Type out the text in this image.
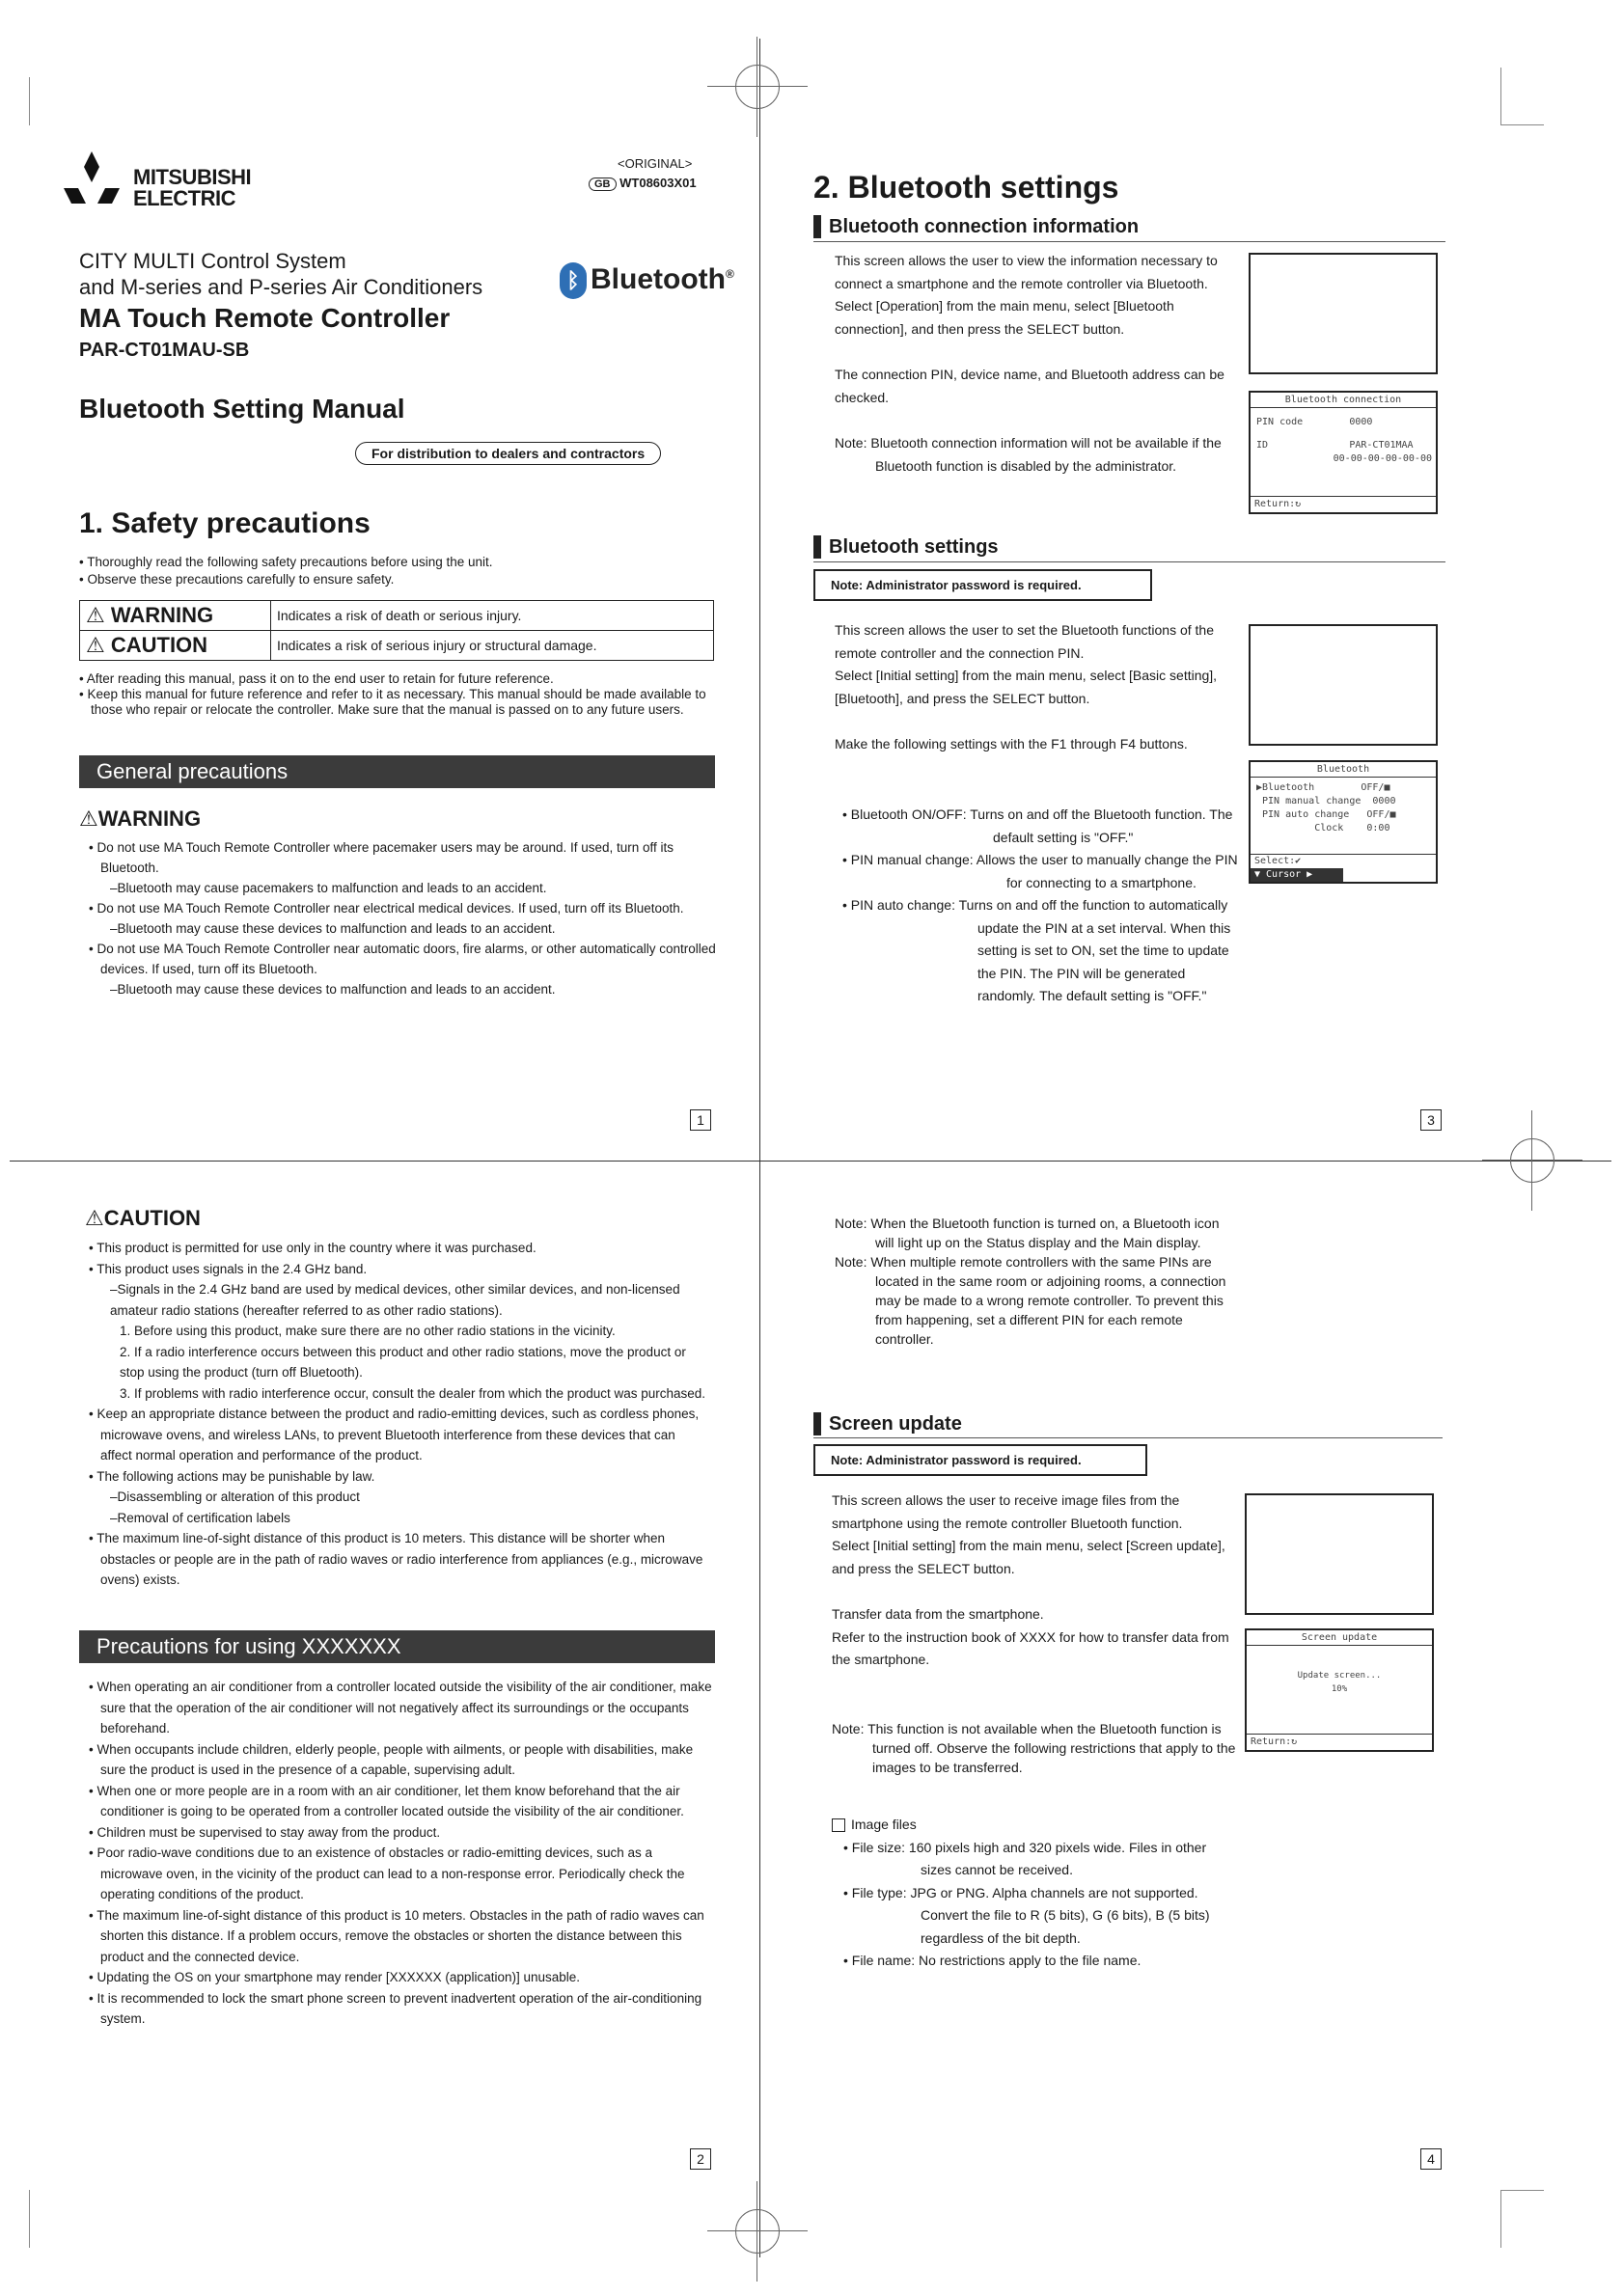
MITSUBISHI
ELECTRIC
<ORIGINAL>
GB WT08603X01
CITY MULTI Control System
and M-series and P-series Air Conditioners
MA Touch Remote Controller
PAR-CT01MAU-SB
ᛒ Bluetooth®
Bluetooth Setting Manual
For distribution to dealers and contractors
1. Safety precautions

• Thoroughly read the following safety precautions before using the unit.

• Observe these precautions carefully to ensure safety.

⚠ WARNING	Indicates a risk of death or serious injury.
⚠ CAUTION	Indicates a risk of serious injury or structural damage.

• After reading this manual, pass it on to the end user to retain for future reference.

• Keep this manual for future reference and refer to it as necessary. This manual should be made available to those who repair or relocate the controller. Make sure that the manual is passed on to any future users.

General precautions
⚠WARNING

• Do not use MA Touch Remote Controller where pacemaker users may be around. If used, turn off its Bluetooth.

–Bluetooth may cause pacemakers to malfunction and leads to an accident.

• Do not use MA Touch Remote Controller near electrical medical devices. If used, turn off its Bluetooth.

–Bluetooth may cause these devices to malfunction and leads to an accident.

• Do not use MA Touch Remote Controller near automatic doors, fire alarms, or other automatically controlled devices. If used, turn off its Bluetooth.

–Bluetooth may cause these devices to malfunction and leads to an accident.

1
⚠CAUTION

• This product is permitted for use only in the country where it was purchased.

• This product uses signals in the 2.4 GHz band.

–Signals in the 2.4 GHz band are used by medical devices, other similar devices, and non-licensed amateur radio stations (hereafter referred to as other radio stations).

1. Before using this product, make sure there are no other radio stations in the vicinity.

2. If a radio interference occurs between this product and other radio stations, move the product or stop using the product (turn off Bluetooth).

3. If problems with radio interference occur, consult the dealer from which the product was purchased.

• Keep an appropriate distance between the product and radio-emitting devices, such as cordless phones, microwave ovens, and wireless LANs, to prevent Bluetooth interference from these devices that can affect normal operation and performance of the product.

• The following actions may be punishable by law.

–Disassembling or alteration of this product

–Removal of certification labels

• The maximum line-of-sight distance of this product is 10 meters. This distance will be shorter when obstacles or people are in the path of radio waves or radio interference from appliances (e.g., microwave ovens) exists.

Precautions for using XXXXXXX

• When operating an air conditioner from a controller located outside the visibility of the air conditioner, make sure that the operation of the air conditioner will not negatively affect its surroundings or the occupants beforehand.

• When occupants include children, elderly people, people with ailments, or people with disabilities, make sure the product is used in the presence of a capable, supervising adult.

• When one or more people are in a room with an air conditioner, let them know beforehand that the air conditioner is going to be operated from a controller located outside the visibility of the air conditioner.

• Children must be supervised to stay away from the product.

• Poor radio-wave conditions due to an existence of obstacles or radio-emitting devices, such as a microwave oven, in the vicinity of the product can lead to a non-response error. Periodically check the operating conditions of the product.

• The maximum line-of-sight distance of this product is 10 meters. Obstacles in the path of radio waves can shorten this distance. If a problem occurs, remove the obstacles or shorten the distance between this product and the connected device.

• Updating the OS on your smartphone may render [XXXXXX (application)] unusable.

• It is recommended to lock the smart phone screen to prevent inadvertent operation of the air-conditioning system.

2
2. Bluetooth settings
Bluetooth connection information

This screen allows the user to view the information necessary to connect a smartphone and the remote controller via Bluetooth.

Select [Operation] from the main menu, select [Bluetooth connection], and then press the SELECT button.

The connection PIN, device name, and Bluetooth address can be checked.

Note: Bluetooth connection information will not be available if the Bluetooth function is disabled by the administrator.

Bluetooth connection
PIN code	0000
ID	PAR-CT01MAA
00-00-00-00-00-00
Return:↻
Bluetooth settings
Note: Administrator password is required.

This screen allows the user to set the Bluetooth functions of the remote controller and the connection PIN.

Select [Initial setting] from the main menu, select [Basic setting], [Bluetooth], and press the SELECT button.

Make the following settings with the F1 through F4 buttons.

• Bluetooth ON/OFF: Turns on and off the Bluetooth function. The default setting is "OFF."

• PIN manual change: Allows the user to manually change the PIN for connecting to a smartphone.

• PIN auto change: Turns on and off the function to automatically update the PIN at a set interval. When this setting is set to ON, set the time to update the PIN. The PIN will be generated randomly. The default setting is "OFF."

Bluetooth
▶Bluetooth        OFF/■
PIN manual change  0000
PIN auto change   OFF/■
Clock    0:00
Select:✔
▼ Cursor ▶
3

Note: When the Bluetooth function is turned on, a Bluetooth icon will light up on the Status display and the Main display.

Note: When multiple remote controllers with the same PINs are located in the same room or adjoining rooms, a connection may be made to a wrong remote controller. To prevent this from happening, set a different PIN for each remote controller.

Screen update
Note: Administrator password is required.

This screen allows the user to receive image files from the smartphone using the remote controller Bluetooth function.

Select [Initial setting] from the main menu, select [Screen update], and press the SELECT button.

Transfer data from the smartphone.

Refer to the instruction book of XXXX for how to transfer data from the smartphone.

Note: This function is not available when the Bluetooth function is turned off. Observe the following restrictions that apply to the images to be transferred.

Image files

• File size: 160 pixels high and 320 pixels wide. Files in other sizes cannot be received.

• File type: JPG or PNG. Alpha channels are not supported. Convert the file to R (5 bits), G (6 bits), B (5 bits) regardless of the bit depth.

• File name: No restrictions apply to the file name.

Screen update
Update screen...
10%
Return:↻
4
